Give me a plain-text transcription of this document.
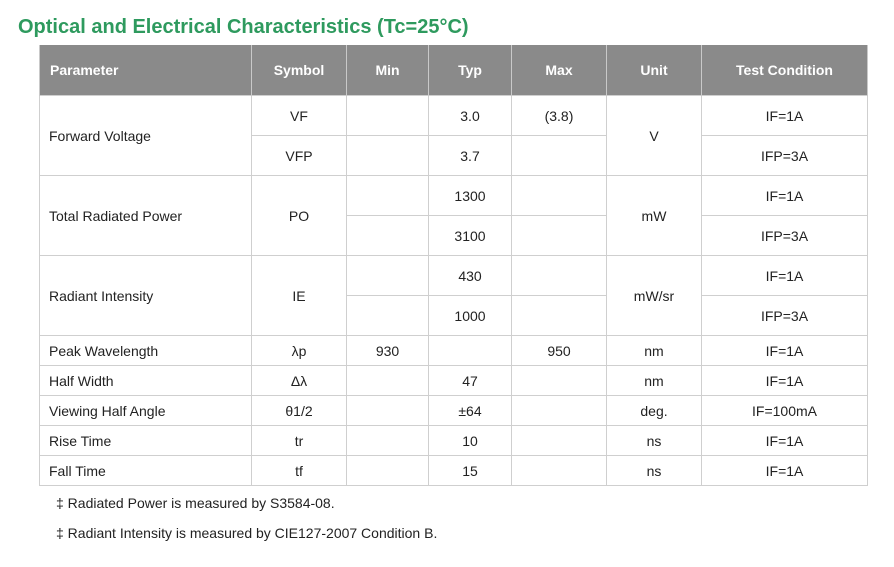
Optical and Electrical Characteristics (Tc=25°C)
Parameter	Symbol	Min	Typ	Max	Unit	Test Condition
Forward Voltage	VF		3.0	(3.8)	V	IF=1A
	VFP		3.7			IFP=3A
Total Radiated Power	PO		1300		mW	IF=1A
			3100			IFP=3A
Radiant Intensity	IE		430		mW/sr	IF=1A
			1000			IFP=3A
Peak Wavelength	λp	930		950	nm	IF=1A
Half Width	Δλ		47		nm	IF=1A
Viewing Half Angle	θ1/2		±64		deg.	IF=100mA
Rise Time	tr		10		ns	IF=1A
Fall Time	tf		15		ns	IF=1A
‡ Radiated Power is measured by S3584-08.
‡ Radiant Intensity is measured by CIE127-2007 Condition B.
